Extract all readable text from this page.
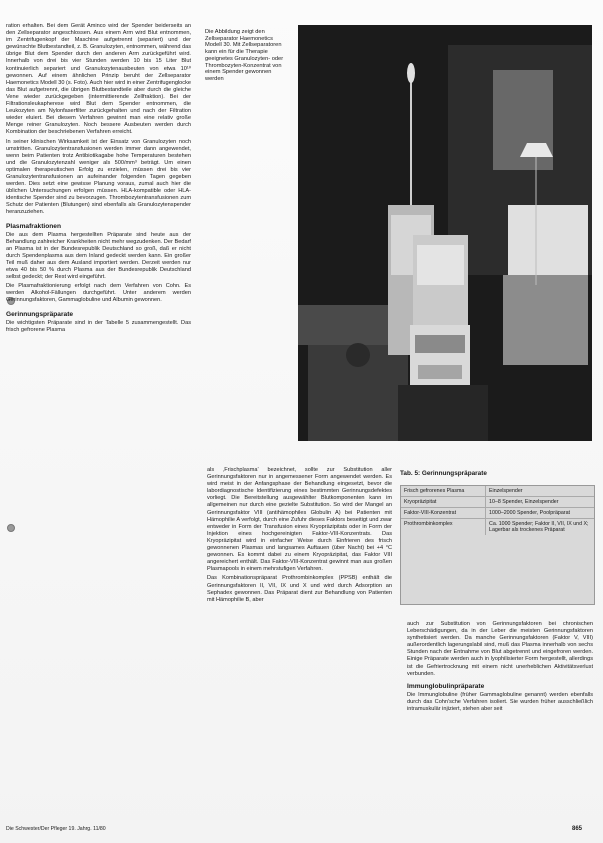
ration erhalten. Bei dem Gerät Aminco wird der Spender beiderseits an den Zellseparator angeschlossen. Aus einem Arm wird Blut entnommen, im Zentrifugenkopf der Maschine aufgetrennt (separiert) und der gewünschte Blutbestandteil, z. B. Granulozyten, entnommen, während das übrige Blut dem Spender durch den anderen Arm zurückgeführt wird. Innerhalb von drei bis vier Stunden werden 10 bis 15 Liter Blut kontinuierlich separiert und Granulozytenausbeuten von etwa 10¹⁰ gewonnen. Auf einem ähnlichen Prinzip beruht der Zellseparator Haemonetics Modell 30 (s. Foto). Auch hier wird in einer Zentrifugenglocke das Blut aufgetrennt, die übrigen Blutbestandteile aber durch die gleiche Vene wieder zurückgegeben (intermittierende Zellfraktion). Bei der Filtrationsleukapherese wird Blut dem Spender entnommen, die Leukozyten am Nylonfaserfilter zurückgehalten und nach der Filtration wieder eluiert. Bei diesem Verfahren gewinnt man eine relativ große Menge reiner Granulozyten. Noch bessere Ausbeuten werden durch Kombination der beschriebenen Verfahren erreicht.

In seiner klinischen Wirksamkeit ist der Einsatz von Granulozyten noch umstritten. Granulozytentransfusionen werden immer dann angewendet, wenn beim Patienten trotz Antibiotikagabe hohe Temperaturen bestehen und die Granulozytenzahl weniger als 500/mm³ beträgt. Um einen optimalen therapeutischen Erfolg zu erzielen, müssen drei bis vier Granulozytentransfusionen an aufeinander folgenden Tagen gegeben werden. Dies setzt eine gewisse Planung voraus, zumal auch hier die üblichen Untersuchungen erfolgen müssen. HLA-kompatible oder HLA-identische Spender sind zu bevorzugen. Thrombozytentransfusionen zum Schutz der Patienten (Blutungen) sind ebenfalls als Granulozytenspender heranzuziehen.

Plasmafraktionen

Die aus dem Plasma hergestellten Präparate sind heute aus der Behandlung zahlreicher Krankheiten nicht mehr wegzudenken. Der Bedarf an Plasma ist in der Bundesrepublik Deutschland so groß, daß er nicht durch Spendenplasma aus dem Inland gedeckt werden kann. Ein großer Teil muß daher aus dem Ausland importiert werden. Derzeit werden nur etwa 40 bis 50 % durch Plasma aus der Bundesrepublik Deutschland selbst gedeckt; der Rest wird eingeführt.

Die Plasmafraktionierung erfolgt nach dem Verfahren von Cohn. Es werden Alkohol-Fällungen durchgeführt. Unter anderem werden Gerinnungsfaktoren, Gammaglobuline und Albumin gewonnen.

Gerinnungspräparate

Die wichtigsten Präparate sind in der Tabelle 5 zusammengestellt. Das frisch gefrorene Plasma

Die Abbildung zeigt den Zellseparator Haemonetics Modell 30. Mit Zellseparatoren kann ein für die Therapie geeignetes Granulozyten- oder Thrombozyten-Konzentrat von einem Spender gewonnen werden

als ‚Frischplasma‘ bezeichnet, sollte zur Substitution aller Gerinnungsfaktoren nur in angemessener Form angewendet werden. Es wird meist in der Anfangsphase der Behandlung eingesetzt, bevor die labordiagnostische Identifizierung eines bestimmten Gerinnungsdefektes vorliegt. Die Bereitstellung ausgewählter Blutkomponenten kann im allgemeinen nur durch eine gezielte Substitution. So wird der Mangel an Gerinnungsfaktor VIII (antihämophiles Globulin A) bei Patienten mit Hämophilie A verfolgt, durch eine Zufuhr dieses Faktors beseitigt und zwar entweder in Form der Transfusion eines Kryopräzipitats oder in Form der Injektion eines hochgereinigten Faktor-VIII-Konzentrats. Das Kryopräzipitat wird in einfacher Weise durch Einfrieren des frisch gewonnenen Plasmas und langsames Auftauen (über Nacht) bei +4 °C gewonnen. Es kommt dabei zu einem Kryopräzipitat, das Faktor VIII angereichert enthält. Das Faktor-VIII-Konzentrat gewinnt man aus großen Plasmapools in einem mehrstufigen Verfahren.

Das Kombinationspräparat Prothrombinkomplex (PPSB) enthält die Gerinnungsfaktoren II, VII, IX und X und wird durch Adsorption an Sephadex gewonnen. Das Präparat dient zur Behandlung von Patienten mit Hämophilie B, aber

Tab. 5: Gerinnungspräparate
Frisch gefrorenes Plasma	Einzelspender
Kryopräzipitat	10–8 Spender, Einzelspender
Faktor-VIII-Konzentrat	1000–2000 Spender, Poolpräparat
Prothrombinkomplex	Ca. 1000 Spender; Faktor II, VII, IX und X; Lagerbar als trockenes Präparat

auch zur Substitution von Gerinnungsfaktoren bei chronischen Leberschädigungen, da in der Leber die meisten Gerinnungsfaktoren synthetisiert werden. Da manche Gerinnungsfaktoren (Faktor V, VIII) außerordentlich lagerungslabil sind, muß das Plasma innerhalb von sechs Stunden nach der Entnahme von Blut abgetrennt und eingefroren werden. Einige Präparate werden auch in lyophilisierter Form hergestellt, allerdings ist die Gefriertrocknung mit einem nicht unerheblichen Aktivitätsverlust verbunden.

Immunglobulinpräparate

Die Immunglobuline (früher Gammaglobuline genannt) werden ebenfalls durch das Cohn'sche Verfahren isoliert. Sie wurden früher ausschließlich intramuskulär injiziert, stehen aber seit

Die Schwester/Der Pfleger 19. Jahrg. 11/80	865
